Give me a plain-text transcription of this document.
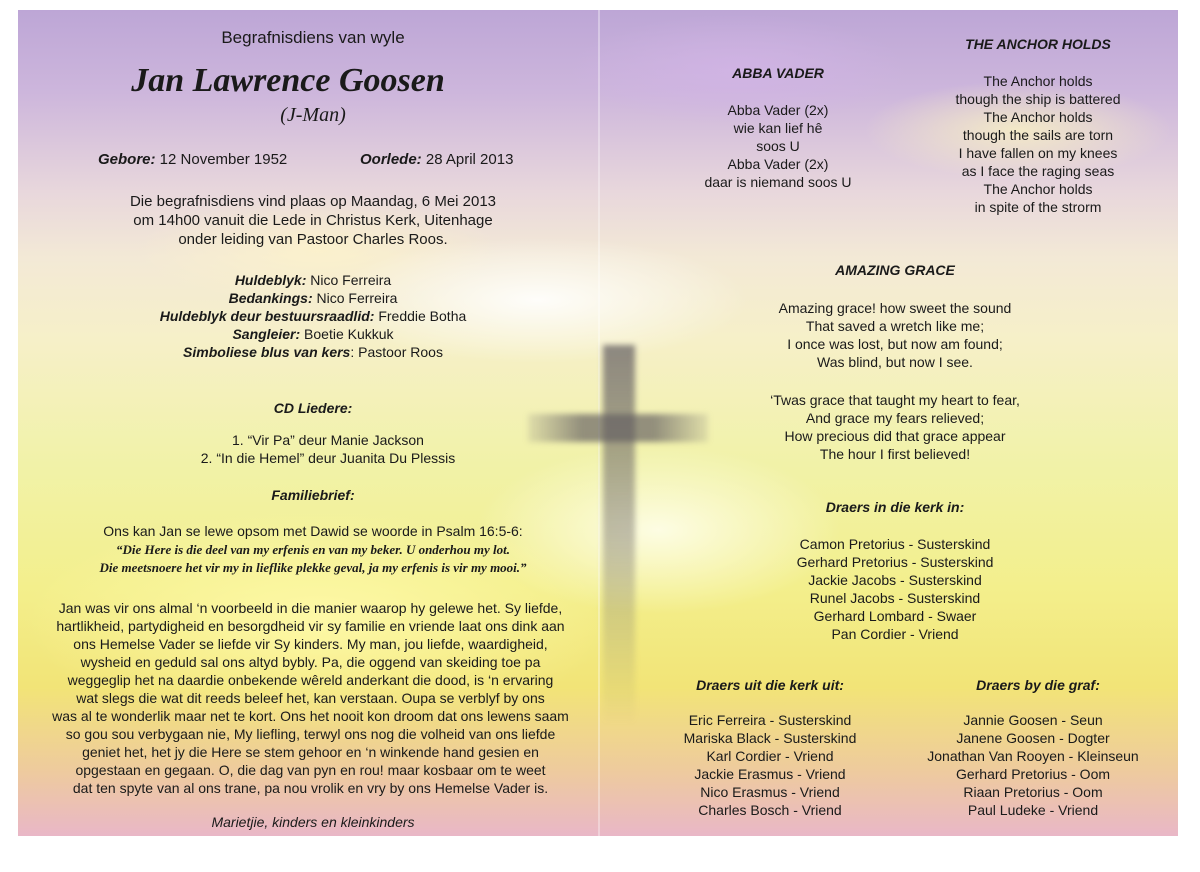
Begrafnisdiens van wyle
Jan Lawrence Goosen
(J-Man)
Gebore: 12 November 1952	Oorlede: 28 April 2013
Die begrafnisdiens vind plaas op Maandag, 6 Mei 2013
om 14h00 vanuit die Lede in Christus Kerk, Uitenhage
onder leiding van Pastoor Charles Roos.
Huldeblyk: Nico Ferreira
Bedankings: Nico Ferreira
Huldeblyk deur bestuursraadlid: Freddie Botha
Sangleier: Boetie Kukkuk
Simboliese blus van kers: Pastoor Roos
CD Liedere:
1. “Vir Pa” deur Manie Jackson
2. “In die Hemel” deur Juanita Du Plessis
Familiebrief:
Ons kan Jan se lewe opsom met Dawid se woorde in Psalm 16:5-6:
“Die Here is die deel van my erfenis en van my beker. U onderhou my lot.
Die meetsnoere het vir my in lieflike plekke geval, ja my erfenis is vir my mooi.”
Jan was vir ons almal ‘n voorbeeld in die manier waarop hy gelewe het. Sy liefde,
hartlikheid, partydigheid en besorgdheid vir sy familie en vriende laat ons dink aan
ons Hemelse Vader se liefde vir Sy kinders. My man, jou liefde, waardigheid,
wysheid en geduld sal ons altyd bybly. Pa, die oggend van skeiding toe pa
weggeglip het na daardie onbekende wêreld anderkant die dood, is ‘n ervaring
wat slegs die wat dit reeds beleef het, kan verstaan. Oupa se verblyf by ons
was al te wonderlik maar net te kort. Ons het nooit kon droom dat ons lewens saam
so gou sou verbygaan nie, My liefling, terwyl ons nog die volheid van ons liefde
geniet het, het jy die Here se stem gehoor en ‘n winkende hand gesien en
opgestaan en gegaan. O, die dag van pyn en rou! maar kosbaar om te weet
dat ten spyte van al ons trane, pa nou vrolik en vry by ons Hemelse Vader is.
Marietjie, kinders en kleinkinders
ABBA VADER
Abba Vader (2x)
wie kan lief hê
soos U
Abba Vader (2x)
daar is niemand soos U
THE ANCHOR HOLDS
The Anchor holds
though the ship is battered
The Anchor holds
though the sails are torn
I have fallen on my knees
as I face the raging seas
The Anchor holds
in spite of the strorm
AMAZING GRACE
Amazing grace! how sweet the sound
That saved a wretch like me;
I once was lost, but now am found;
Was blind, but now I see.
‘Twas grace that taught my heart to fear,
And grace my fears relieved;
How precious did that grace appear
The hour I first believed!
Draers in die kerk in:
Camon Pretorius - Susterskind
Gerhard Pretorius - Susterskind
Jackie Jacobs - Susterskind
Runel Jacobs - Susterskind
Gerhard Lombard - Swaer
Pan Cordier - Vriend
Draers uit die kerk uit:
Eric Ferreira - Susterskind
Mariska Black - Susterskind
Karl Cordier - Vriend
Jackie Erasmus - Vriend
Nico Erasmus - Vriend
Charles Bosch - Vriend
Draers by die graf:
Jannie Goosen - Seun
Janene Goosen - Dogter
Jonathan Van Rooyen - Kleinseun
Gerhard Pretorius - Oom
Riaan Pretorius - Oom
Paul Ludeke - Vriend
